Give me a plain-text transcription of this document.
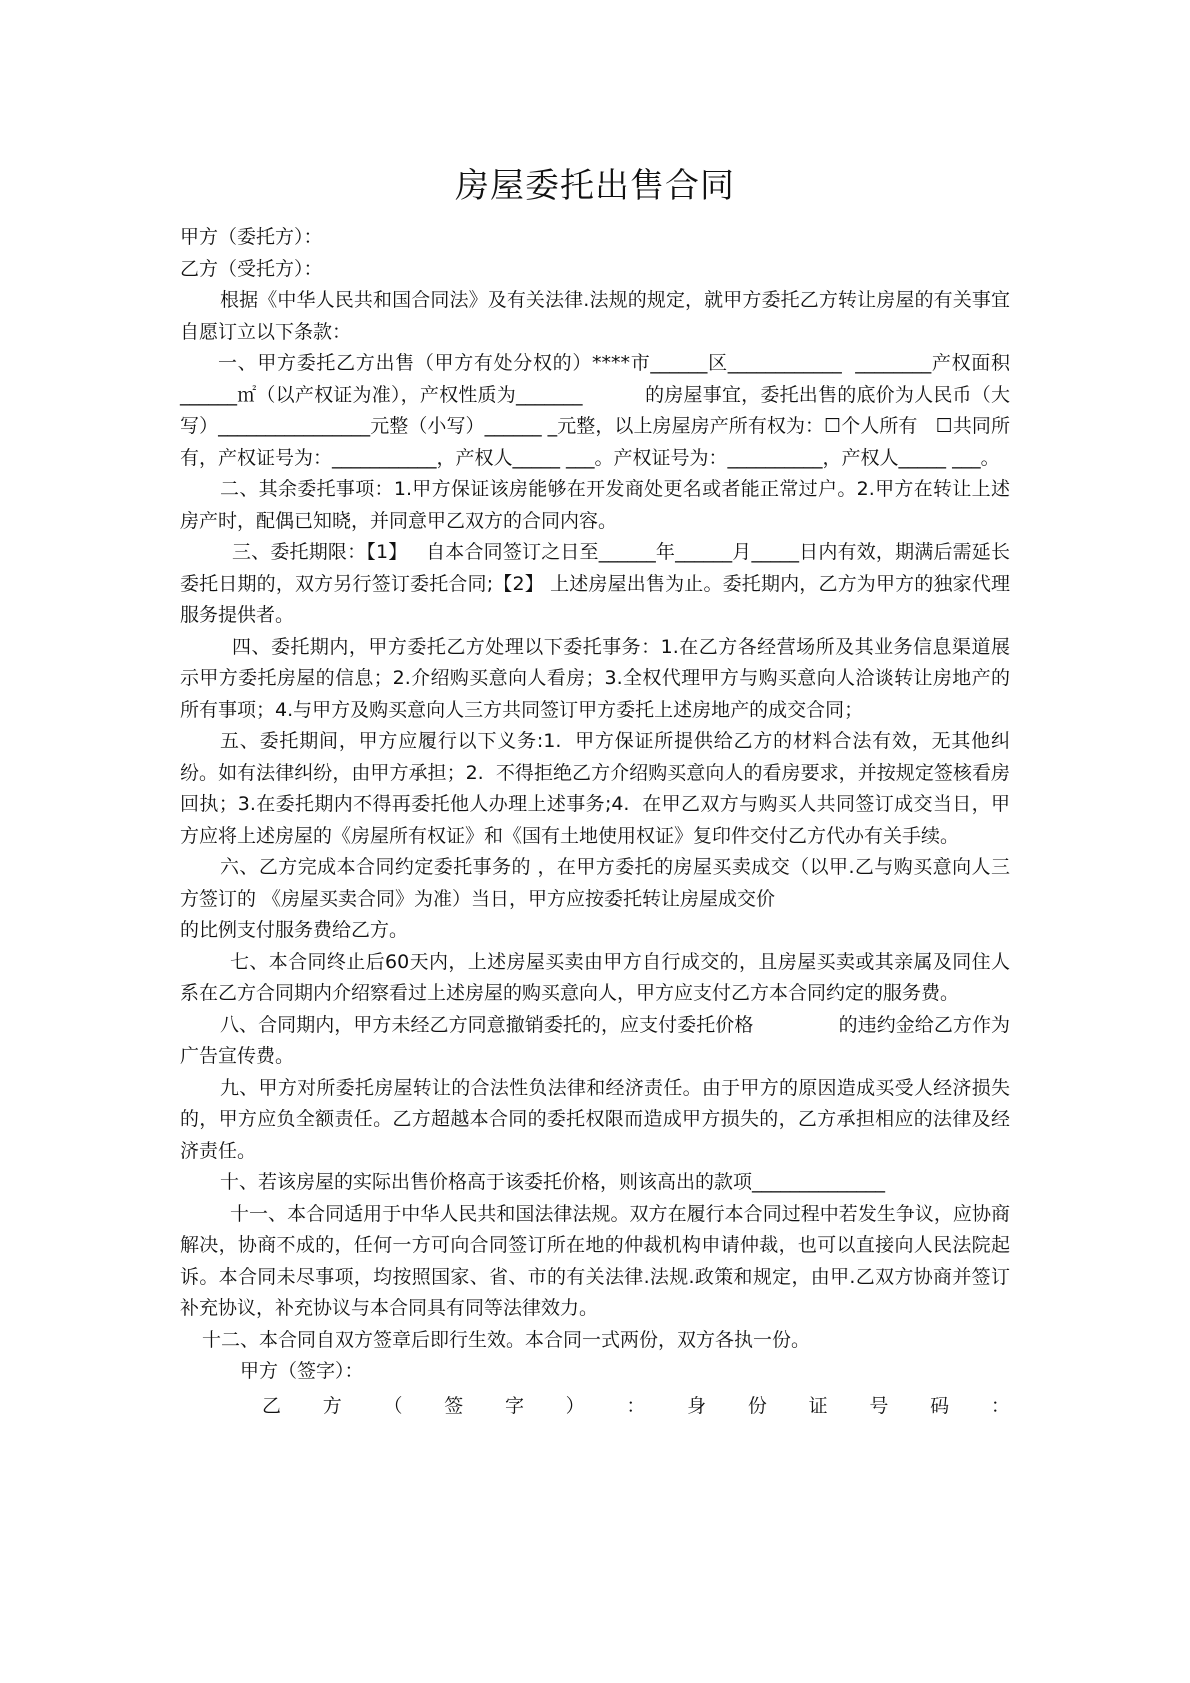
房屋委托出售合同

甲方（委托方）：

乙方（受托方）：

根据《中华人民共和国合同法》及有关法律.法规的规定，就甲方委托乙方转让房屋的有关事宜自愿订立以下条款：

一、甲方委托乙方出售（甲方有处分权的）****市______区____________  ________产权面积______㎡（以产权证为准），产权性质为_______          的房屋事宜，委托出售的底价为人民币（大写）________________元整（小写）______ _元整，以上房屋房产所有权为：☐个人所有   ☐共同所有，产权证号为：___________，产权人_____ ___。产权证号为：__________，产权人_____ ___。

二、其余委托事项：1.甲方保证该房能够在开发商处更名或者能正常过户。2.甲方在转让上述房产时，配偶已知晓，并同意甲乙双方的合同内容。

三、委托期限：【1】   自本合同签订之日至______年______月_____日内有效，期满后需延长委托日期的，双方另行签订委托合同;【2】 上述房屋出售为止。委托期内，乙方为甲方的独家代理服务提供者。

四、委托期内，甲方委托乙方处理以下委托事务：1.在乙方各经营场所及其业务信息渠道展示甲方委托房屋的信息；2.介绍购买意向人看房；3.全权代理甲方与购买意向人洽谈转让房地产的所有事项；4.与甲方及购买意向人三方共同签订甲方委托上述房地产的成交合同；

五、委托期间，甲方应履行以下义务:1.  甲方保证所提供给乙方的材料合法有效，无其他纠纷。如有法律纠纷，由甲方承担；2.  不得拒绝乙方介绍购买意向人的看房要求，并按规定签核看房回执；3.在委托期内不得再委托他人办理上述事务;4.  在甲乙双方与购买人共同签订成交当日，甲方应将上述房屋的《房屋所有权证》和《国有土地使用权证》复印件交付乙方代办有关手续。

六、乙方完成本合同约定委托事务的 ，在甲方委托的房屋买卖成交（以甲.乙与购买意向人三方签订的 《房屋买卖合同》为准）当日，甲方应按委托转让房屋成交价

的比例支付服务费给乙方。

七、本合同终止后60天内，上述房屋买卖由甲方自行成交的，且房屋买卖或其亲属及同住人系在乙方合同期内介绍察看过上述房屋的购买意向人，甲方应支付乙方本合同约定的服务费。

八、合同期内，甲方未经乙方同意撤销委托的，应支付委托价格              的违约金给乙方作为广告宣传费。

九、甲方对所委托房屋转让的合法性负法律和经济责任。由于甲方的原因造成买受人经济损失的，甲方应负全额责任。乙方超越本合同的委托权限而造成甲方损失的，乙方承担相应的法律及经济责任。

十、若该房屋的实际出售价格高于该委托价格，则该高出的款项______________

十一、本合同适用于中华人民共和国法律法规。双方在履行本合同过程中若发生争议，应协商解决，协商不成的，任何一方可向合同签订所在地的仲裁机构申请仲裁，也可以直接向人民法院起诉。本合同未尽事项，均按照国家、省、市的有关法律.法规.政策和规定，由甲.乙双方协商并签订补充协议，补充协议与本合同具有同等法律效力。

十二、本合同自双方签章后即行生效。本合同一式两份，双方各执一份。

甲方（签字）：

乙 方 （ 签 字 ） ： 身 份 证 号 码 ：
